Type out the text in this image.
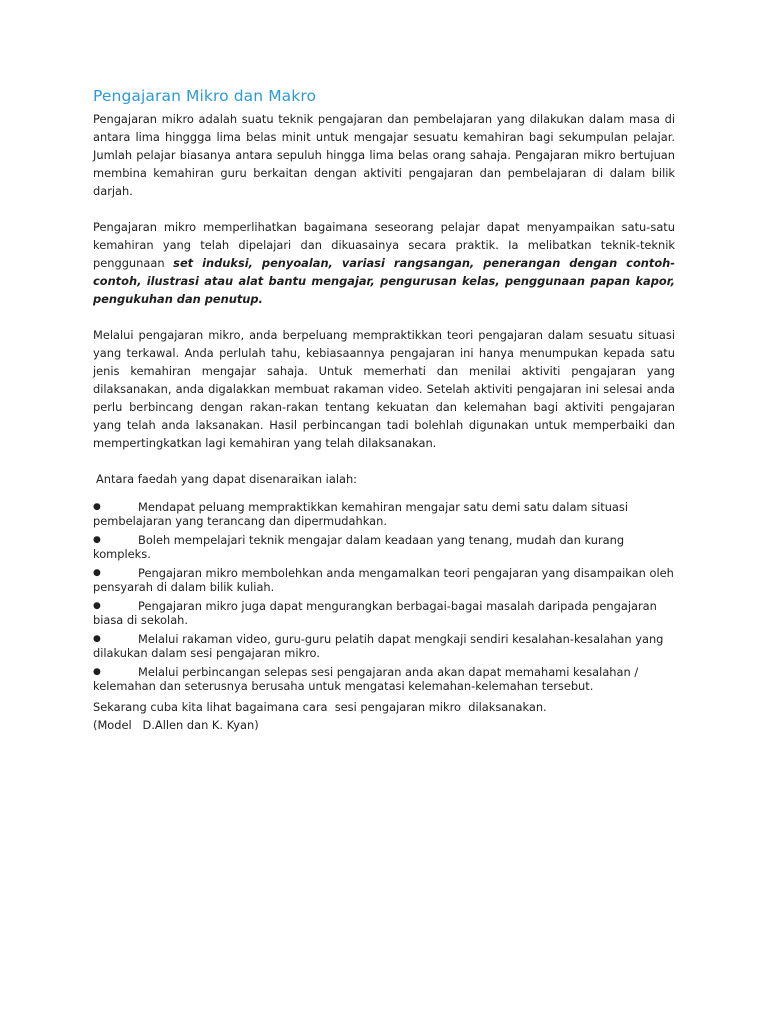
Pengajaran Mikro dan Makro

Pengajaran mikro adalah suatu teknik pengajaran dan pembelajaran yang dilakukan dalam masa di antara lima hinggga lima belas minit untuk mengajar sesuatu kemahiran bagi sekumpulan pelajar. Jumlah pelajar biasanya antara sepuluh hingga lima belas orang sahaja. Pengajaran mikro bertujuan membina kemahiran guru berkaitan dengan aktiviti pengajaran dan pembelajaran di dalam bilik darjah.

Pengajaran mikro memperlihatkan bagaimana seseorang pelajar dapat menyampaikan satu-satu kemahiran yang telah dipelajari dan dikuasainya secara praktik. Ia melibatkan teknik-teknik penggunaan set induksi, penyoalan, variasi rangsangan, penerangan dengan contoh-contoh, ilustrasi atau alat bantu mengajar, pengurusan kelas, penggunaan papan kapor, pengukuhan dan penutup.

Melalui pengajaran mikro, anda berpeluang mempraktikkan teori pengajaran dalam sesuatu situasi yang terkawal. Anda perlulah tahu, kebiasaannya pengajaran ini hanya menumpukan kepada satu jenis kemahiran mengajar sahaja. Untuk memerhati dan menilai aktiviti pengajaran yang dilaksanakan, anda digalakkan membuat rakaman video. Setelah aktiviti pengajaran ini selesai anda perlu berbincang dengan rakan-rakan tentang kekuatan dan kelemahan bagi aktiviti pengajaran yang telah anda laksanakan. Hasil perbincangan tadi bolehlah digunakan untuk memperbaiki dan mempertingkatkan lagi kemahiran yang telah dilaksanakan.

Antara faedah yang dapat disenaraikan ialah:

●	Mendapat peluang mempraktikkan kemahiran mengajar satu demi satu dalam situasi pembelajaran yang terancang dan dipermudahkan.
●	Boleh mempelajari teknik mengajar dalam keadaan yang tenang, mudah dan kurang kompleks.
●	Pengajaran mikro membolehkan anda mengamalkan teori pengajaran yang disampaikan oleh pensyarah di dalam bilik kuliah.
●	Pengajaran mikro juga dapat mengurangkan berbagai-bagai masalah daripada pengajaran biasa di sekolah.
●	Melalui rakaman video, guru-guru pelatih dapat mengkaji sendiri kesalahan-kesalahan yang dilakukan dalam sesi pengajaran mikro.
●	Melalui perbincangan selepas sesi pengajaran anda akan dapat memahami kesalahan / kelemahan dan seterusnya berusaha untuk mengatasi kelemahan-kelemahan tersebut.

Sekarang cuba kita lihat bagaimana cara  sesi pengajaran mikro  dilaksanakan.

(Model   D.Allen dan K. Kyan)
